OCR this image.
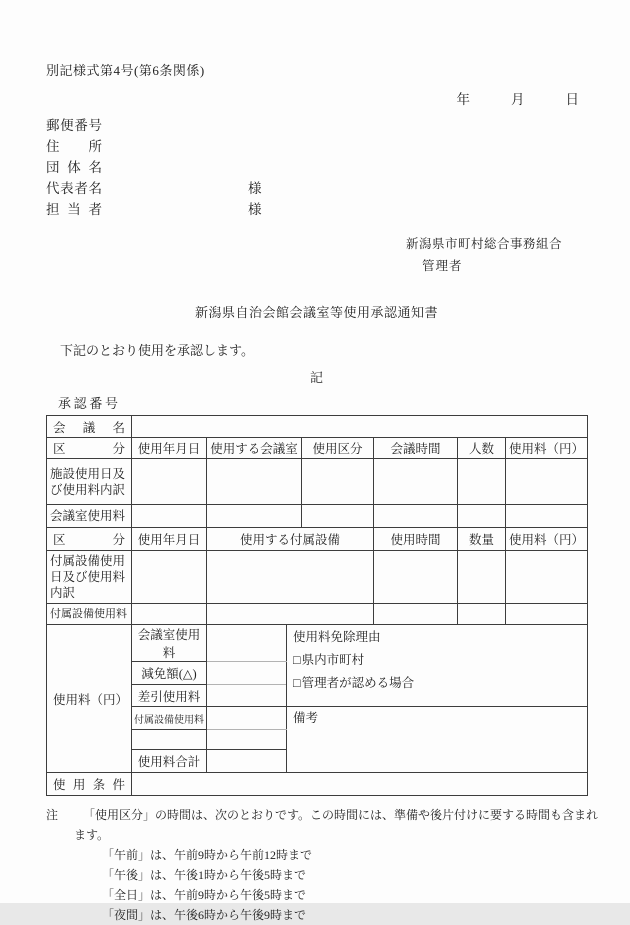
別記様式第4号(第6条関係)
年	月	日
郵便番号
住所
団体名
代表者名	様
担当者	様
新潟県市町村総合事務組合
管理者
新潟県自治会館会議室等使用承認通知書
下記のとおり使用を承認します。
記
承認番号
会議名						
区分	使用年月日	使用する会議室	使用区分	会議時間	人数	使用料（円）
施設使用日及び使用料内訳						
会議室使用料						
区分	使用年月日	使用する付属設備		使用時間	数量	使用料（円）
付属設備使用日及び使用料内訳						
付属設備使用料						
使用料（円）	会議室使用料		使用料免除理由
□県内市町村
□管理者が認める場合

	減免額(△)		
	差引使用料		
	付属設備使用料		備考

	使用料合計		
使用条件			
注	「使用区分」の時間は、次のとおりです。この時間には、準備や後片付けに要する時間も含まれ
ます。
「午前」は、午前9時から午前12時まで
「午後」は、午後1時から午後5時まで
「全日」は、午前9時から午後5時まで
「夜間」は、午後6時から午後9時まで
